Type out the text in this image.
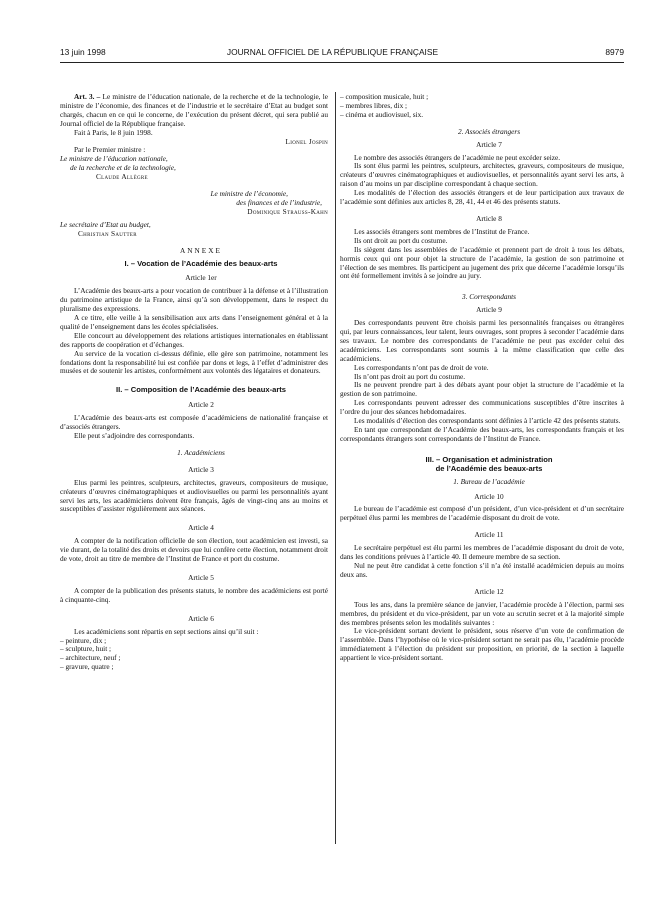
13 juin 1998	JOURNAL OFFICIEL DE LA RÉPUBLIQUE FRANÇAISE	8979

Art. 3. – Le ministre de l’éducation nationale, de la recherche et de la technologie, le ministre de l’économie, des finances et de l’industrie et le secrétaire d’Etat au budget sont chargés, chacun en ce qui le concerne, de l’exécution du présent décret, qui sera publié au Journal officiel de la République française.

Fait à Paris, le 8 juin 1998.

Lionel Jospin

Par le Premier ministre :

Le ministre de l’éducation nationale,

de la recherche et de la technologie,

Claude Allègre

Le ministre de l’économie,

des finances et de l’industrie,

Dominique Strauss-Kahn

Le secrétaire d’Etat au budget,

Christian Sautter

ANNEXE

I. – Vocation de l’Académie des beaux-arts

Article 1er

L’Académie des beaux-arts a pour vocation de contribuer à la défense et à l’illustration du patrimoine artistique de la France, ainsi qu’à son développement, dans le respect du pluralisme des expressions.

A ce titre, elle veille à la sensibilisation aux arts dans l’enseignement général et à la qualité de l’enseignement dans les écoles spécialisées.

Elle concourt au développement des relations artistiques internationales en établissant des rapports de coopération et d’échanges.

Au service de la vocation ci-dessus définie, elle gère son patrimoine, notamment les fondations dont la responsabilité lui est confiée par dons et legs, à l’effet d’administrer des musées et de soutenir les artistes, conformément aux volontés des légataires et donateurs.

II. – Composition de l’Académie des beaux-arts

Article 2

L’Académie des beaux-arts est composée d’académiciens de nationalité française et d’associés étrangers.

Elle peut s’adjoindre des correspondants.

1. Académiciens

Article 3

Elus parmi les peintres, sculpteurs, architectes, graveurs, compositeurs de musique, créateurs d’œuvres cinématographiques et audiovisuelles ou parmi les personnalités ayant servi les arts, les académiciens doivent être français, âgés de vingt-cinq ans au moins et susceptibles d’assister régulièrement aux séances.

Article 4

A compter de la notification officielle de son élection, tout académicien est investi, sa vie durant, de la totalité des droits et devoirs que lui confère cette élection, notamment droit de vote, droit au titre de membre de l’Institut de France et port du costume.

Article 5

A compter de la publication des présents statuts, le nombre des académiciens est porté à cinquante-cinq.

Article 6

Les académiciens sont répartis en sept sections ainsi qu’il suit :

– peinture, dix ;
– sculpture, huit ;
– architecture, neuf ;
– gravure, quatre ;
– composition musicale, huit ;
– membres libres, dix ;
– cinéma et audiovisuel, six.

2. Associés étrangers

Article 7

Le nombre des associés étrangers de l’académie ne peut excéder seize.

Ils sont élus parmi les peintres, sculpteurs, architectes, graveurs, compositeurs de musique, créateurs d’œuvres cinématographiques et audiovisuelles, et personnalités ayant servi les arts, à raison d’au moins un par discipline correspondant à chaque section.

Les modalités de l’élection des associés étrangers et de leur participation aux travaux de l’académie sont définies aux articles 8, 28, 41, 44 et 46 des présents statuts.

Article 8

Les associés étrangers sont membres de l’Institut de France.

Ils ont droit au port du costume.

Ils siègent dans les assemblées de l’académie et prennent part de droit à tous les débats, hormis ceux qui ont pour objet la structure de l’académie, la gestion de son patrimoine et l’élection de ses membres. Ils participent au jugement des prix que décerne l’académie lorsqu’ils ont été formellement invités à se joindre au jury.

3. Correspondants

Article 9

Des correspondants peuvent être choisis parmi les personnalités françaises ou étrangères qui, par leurs connaissances, leur talent, leurs ouvrages, sont propres à seconder l’académie dans ses travaux. Le nombre des correspondants de l’académie ne peut pas excéder celui des académiciens. Les correspondants sont soumis à la même classification que celle des académiciens.

Les correspondants n’ont pas de droit de vote.

Ils n’ont pas droit au port du costume.

Ils ne peuvent prendre part à des débats ayant pour objet la structure de l’académie et la gestion de son patrimoine.

Les correspondants peuvent adresser des communications susceptibles d’être inscrites à l’ordre du jour des séances hebdomadaires.

Les modalités d’élection des correspondants sont définies à l’article 42 des présents statuts.

En tant que correspondant de l’Académie des beaux-arts, les correspondants français et les correspondants étrangers sont correspondants de l’Institut de France.

III. – Organisation et administration

de l’Académie des beaux-arts

1. Bureau de l’académie

Article 10

Le bureau de l’académie est composé d’un président, d’un vice-président et d’un secrétaire perpétuel élus parmi les membres de l’académie disposant du droit de vote.

Article 11

Le secrétaire perpétuel est élu parmi les membres de l’académie disposant du droit de vote, dans les conditions prévues à l’article 40. Il demeure membre de sa section.

Nul ne peut être candidat à cette fonction s’il n’a été installé académicien depuis au moins deux ans.

Article 12

Tous les ans, dans la première séance de janvier, l’académie procède à l’élection, parmi ses membres, du président et du vice-président, par un vote au scrutin secret et à la majorité simple des membres présents selon les modalités suivantes :

Le vice-président sortant devient le président, sous réserve d’un vote de confirmation de l’assemblée. Dans l’hypothèse où le vice-président sortant ne serait pas élu, l’académie procède immédiatement à l’élection du président sur proposition, en priorité, de la section à laquelle appartient le vice-président sortant.
